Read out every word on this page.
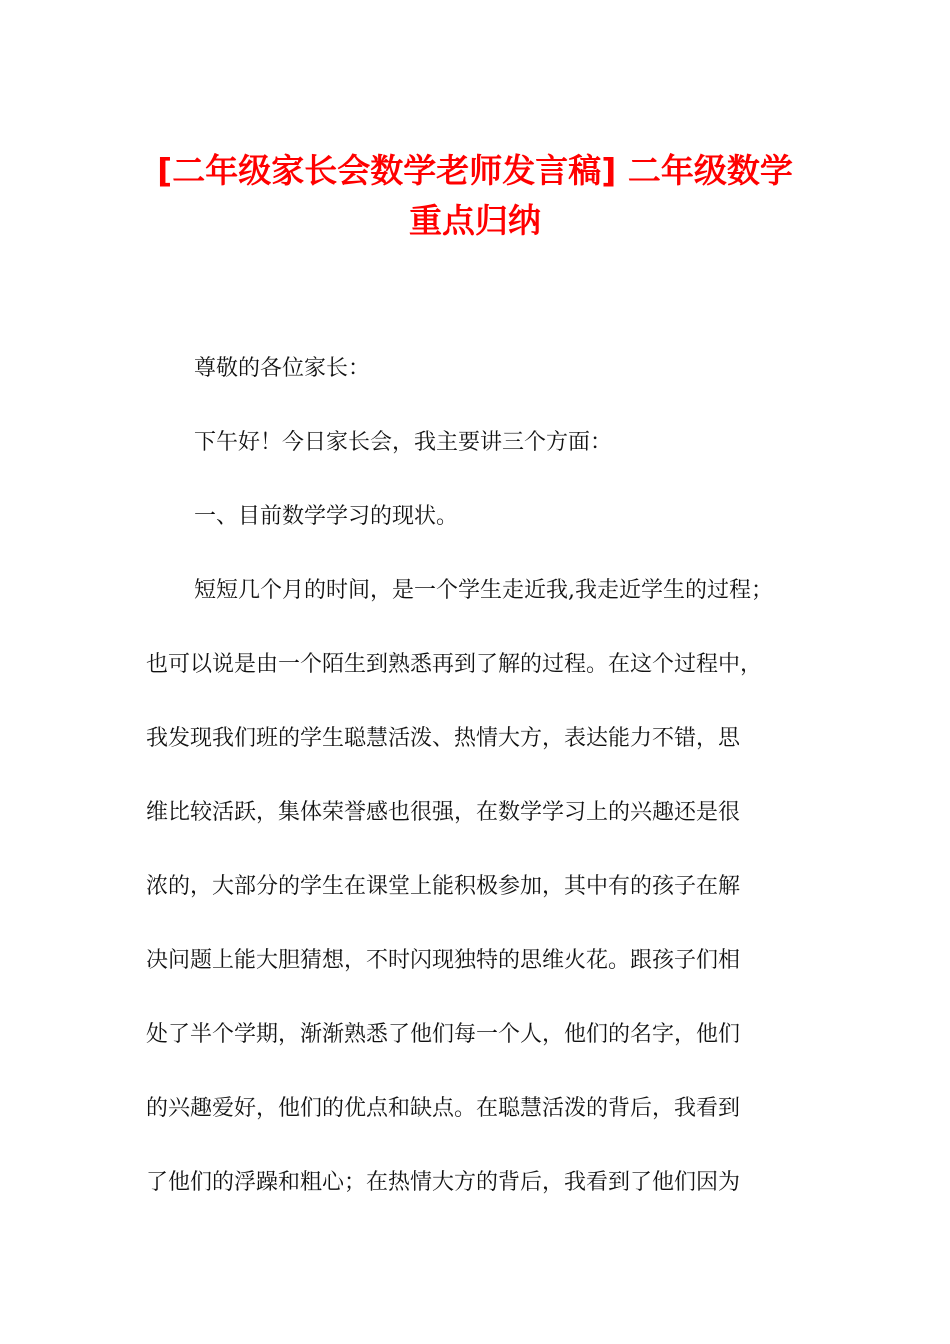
[二年级家长会数学老师发言稿] 二年级数学
重点归纳
尊敬的各位家长：
下午好！今日家长会，我主要讲三个方面：
一、目前数学学习的现状。
短短几个月的时间，是一个学生走近我,我走近学生的过程；
也可以说是由一个陌生到熟悉再到了解的过程。在这个过程中，
我发现我们班的学生聪慧活泼、热情大方，表达能力不错，思
维比较活跃，集体荣誉感也很强，在数学学习上的兴趣还是很
浓的，大部分的学生在课堂上能积极参加，其中有的孩子在解
决问题上能大胆猜想，不时闪现独特的思维火花。跟孩子们相
处了半个学期，渐渐熟悉了他们每一个人，他们的名字，他们
的兴趣爱好，他们的优点和缺点。在聪慧活泼的背后，我看到
了他们的浮躁和粗心；在热情大方的背后，我看到了他们因为
